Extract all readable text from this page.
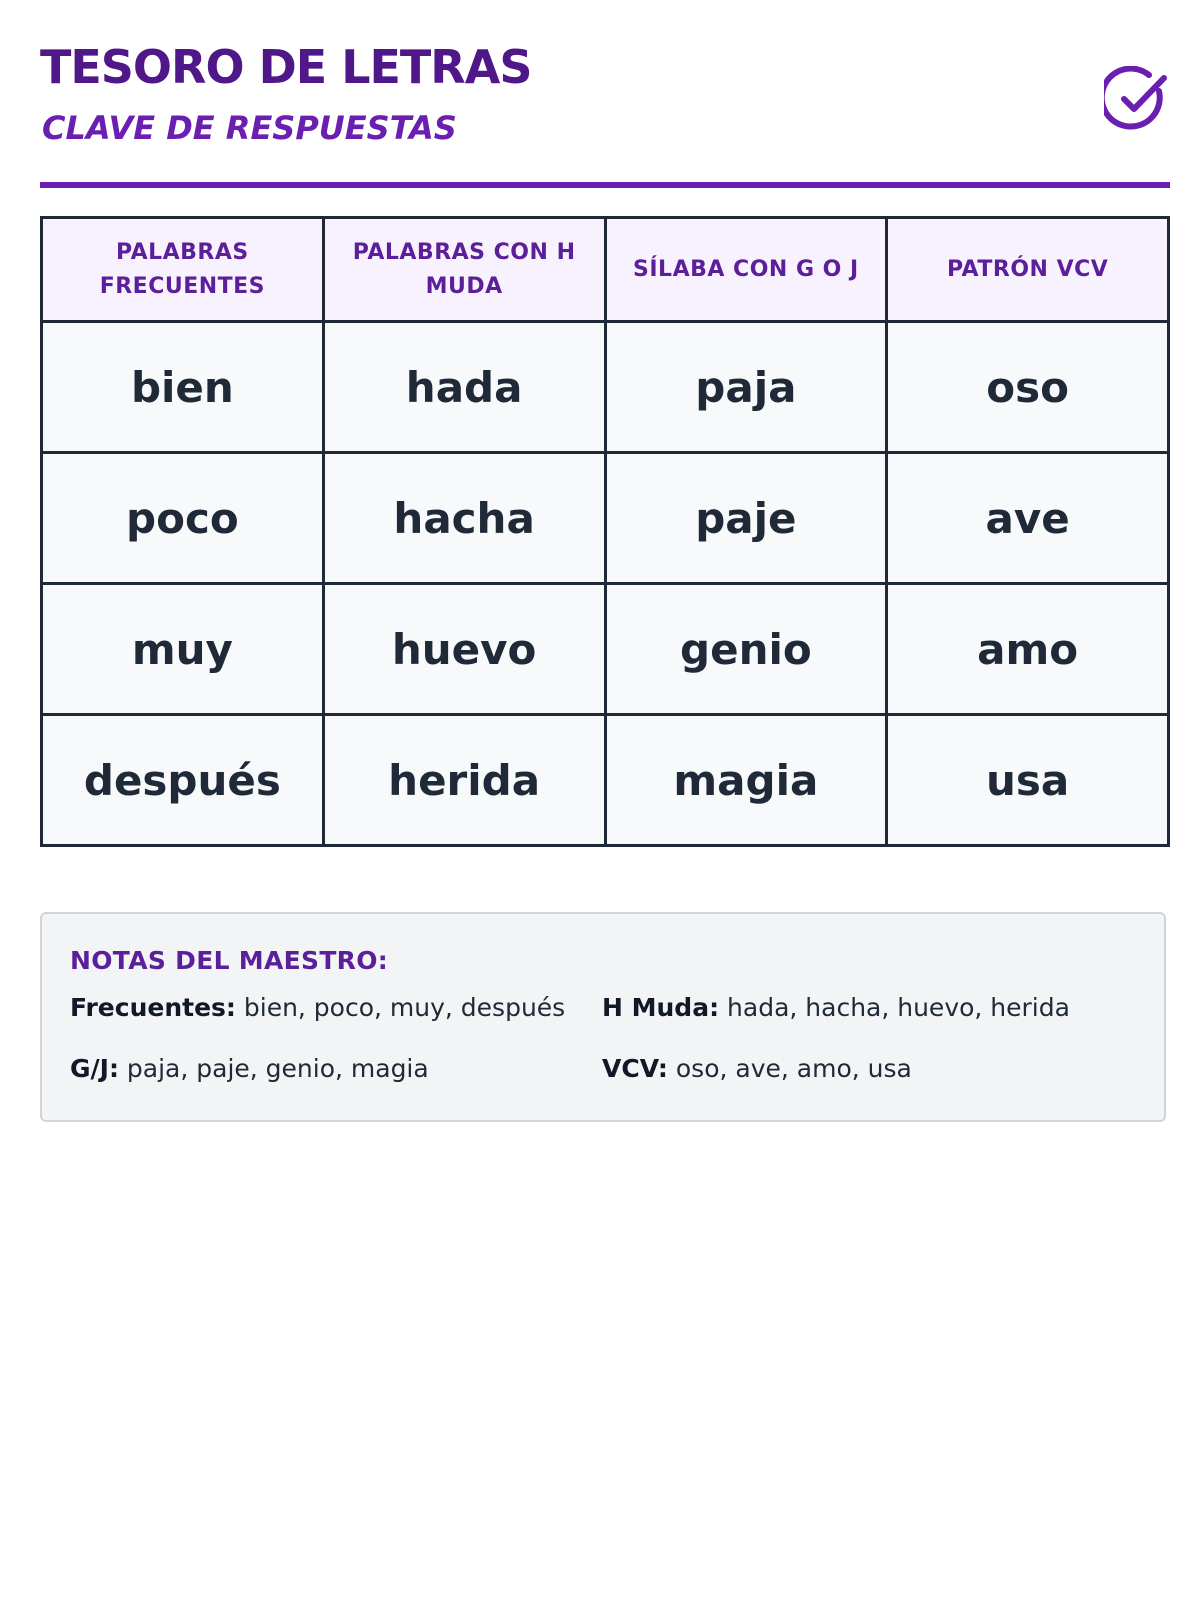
TESORO DE LETRAS
CLAVE DE RESPUESTAS
PALABRAS FRECUENTES	PALABRAS CON H MUDA	SÍLABA CON G O J	PATRÓN VCV
bien	hada	paja	oso
poco	hacha	paje	ave
muy	huevo	genio	amo
después	herida	magia	usa
NOTAS DEL MAESTRO:
Frecuentes: bien, poco, muy, después	H Muda: hada, hacha, huevo, herida
G/J: paja, paje, genio, magia	VCV: oso, ave, amo, usa
